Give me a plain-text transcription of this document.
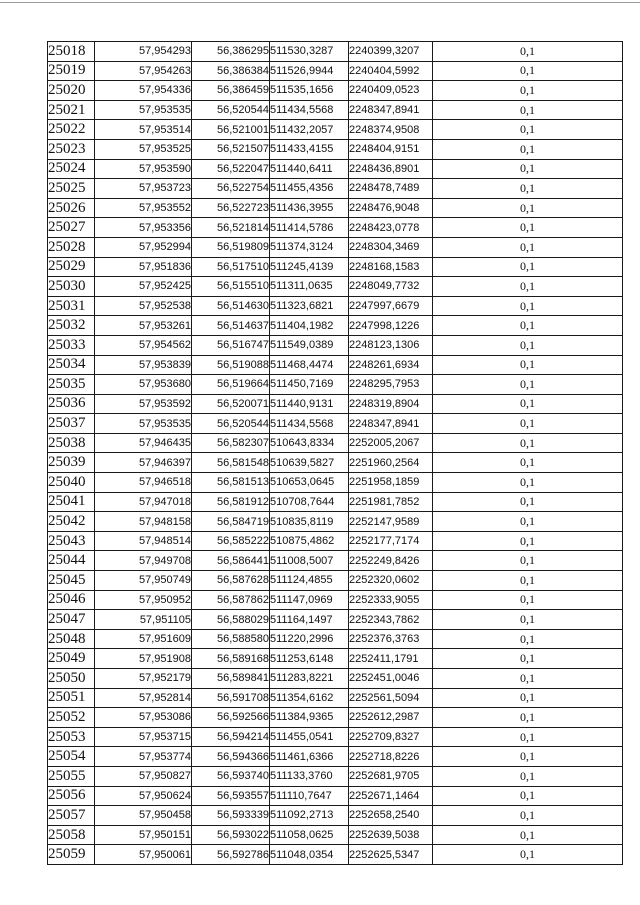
25018	57,954293	56,386295	511530,3287	2240399,3207	0,1
25019	57,954263	56,386384	511526,9944	2240404,5992	0,1
25020	57,954336	56,386459	511535,1656	2240409,0523	0,1
25021	57,953535	56,520544	511434,5568	2248347,8941	0,1
25022	57,953514	56,521001	511432,2057	2248374,9508	0,1
25023	57,953525	56,521507	511433,4155	2248404,9151	0,1
25024	57,953590	56,522047	511440,6411	2248436,8901	0,1
25025	57,953723	56,522754	511455,4356	2248478,7489	0,1
25026	57,953552	56,522723	511436,3955	2248476,9048	0,1
25027	57,953356	56,521814	511414,5786	2248423,0778	0,1
25028	57,952994	56,519809	511374,3124	2248304,3469	0,1
25029	57,951836	56,517510	511245,4139	2248168,1583	0,1
25030	57,952425	56,515510	511311,0635	2248049,7732	0,1
25031	57,952538	56,514630	511323,6821	2247997,6679	0,1
25032	57,953261	56,514637	511404,1982	2247998,1226	0,1
25033	57,954562	56,516747	511549,0389	2248123,1306	0,1
25034	57,953839	56,519088	511468,4474	2248261,6934	0,1
25035	57,953680	56,519664	511450,7169	2248295,7953	0,1
25036	57,953592	56,520071	511440,9131	2248319,8904	0,1
25037	57,953535	56,520544	511434,5568	2248347,8941	0,1
25038	57,946435	56,582307	510643,8334	2252005,2067	0,1
25039	57,946397	56,581548	510639,5827	2251960,2564	0,1
25040	57,946518	56,581513	510653,0645	2251958,1859	0,1
25041	57,947018	56,581912	510708,7644	2251981,7852	0,1
25042	57,948158	56,584719	510835,8119	2252147,9589	0,1
25043	57,948514	56,585222	510875,4862	2252177,7174	0,1
25044	57,949708	56,586441	511008,5007	2252249,8426	0,1
25045	57,950749	56,587628	511124,4855	2252320,0602	0,1
25046	57,950952	56,587862	511147,0969	2252333,9055	0,1
25047	57,951105	56,588029	511164,1497	2252343,7862	0,1
25048	57,951609	56,588580	511220,2996	2252376,3763	0,1
25049	57,951908	56,589168	511253,6148	2252411,1791	0,1
25050	57,952179	56,589841	511283,8221	2252451,0046	0,1
25051	57,952814	56,591708	511354,6162	2252561,5094	0,1
25052	57,953086	56,592566	511384,9365	2252612,2987	0,1
25053	57,953715	56,594214	511455,0541	2252709,8327	0,1
25054	57,953774	56,594366	511461,6366	2252718,8226	0,1
25055	57,950827	56,593740	511133,3760	2252681,9705	0,1
25056	57,950624	56,593557	511110,7647	2252671,1464	0,1
25057	57,950458	56,593339	511092,2713	2252658,2540	0,1
25058	57,950151	56,593022	511058,0625	2252639,5038	0,1
25059	57,950061	56,592786	511048,0354	2252625,5347	0,1
